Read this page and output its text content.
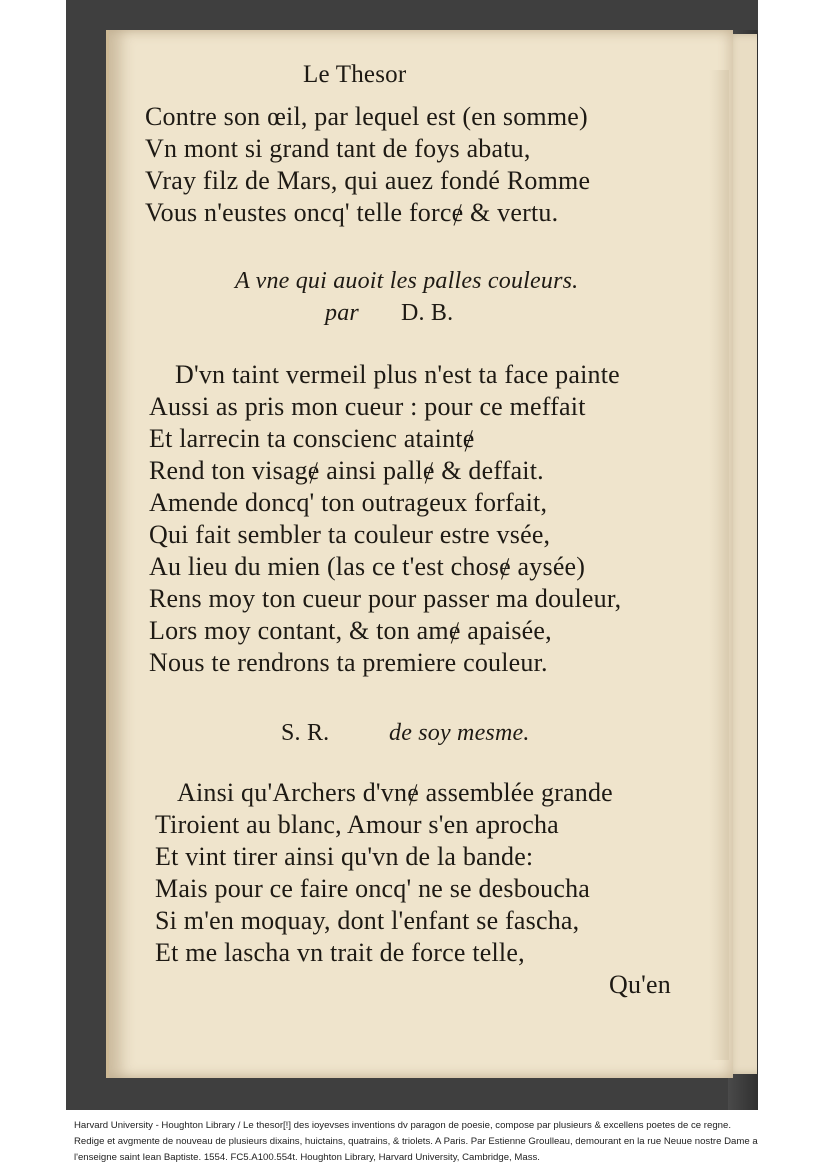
Le Thesor
Contre son œil, par lequel est (en somme)
Vn mont si grand tant de foys abatu,
Vray filz de Mars, qui auez fondé Romme
Vous n'eustes oncq' telle forcɇ & vertu.
A vne qui auoit les palles couleurs.
par D. B.
D'vn taint vermeil plus n'est ta face painte
Aussi as pris mon cueur : pour ce meffait
Et larrecin ta conscienc ataintɇ
Rend ton visagɇ ainsi pallɇ & deffait.
Amende doncq' ton outrageux forfait,
Qui fait sembler ta couleur estre vsée,
Au lieu du mien (las ce t'est chosɇ aysée)
Rens moy ton cueur pour passer ma douleur,
Lors moy contant, & ton amɇ apaisée,
Nous te rendrons ta premiere couleur.
S. R. de soy mesme.
Ainsi qu'Archers d'vnɇ assemblée grande
Tiroient au blanc, Amour s'en aprocha
Et vint tirer ainsi qu'vn de la bande:
Mais pour ce faire oncq' ne se desboucha
Si m'en moquay, dont l'enfant se fascha,
Et me lascha vn trait de force telle,
Qu'en
Harvard University - Houghton Library / Le thesor[!] des ioyevses inventions dv paragon de poesie, compose par plusieurs & excellens poetes de ce regne. Redige et avgmente de nouveau de plusieurs dixains, huictains, quatrains, & triolets. A Paris. Par Estienne Groulleau, demourant en la rue Neuue nostre Dame a l'enseigne saint Iean Baptiste. 1554. FC5.A100.554t. Houghton Library, Harvard University, Cambridge, Mass.
